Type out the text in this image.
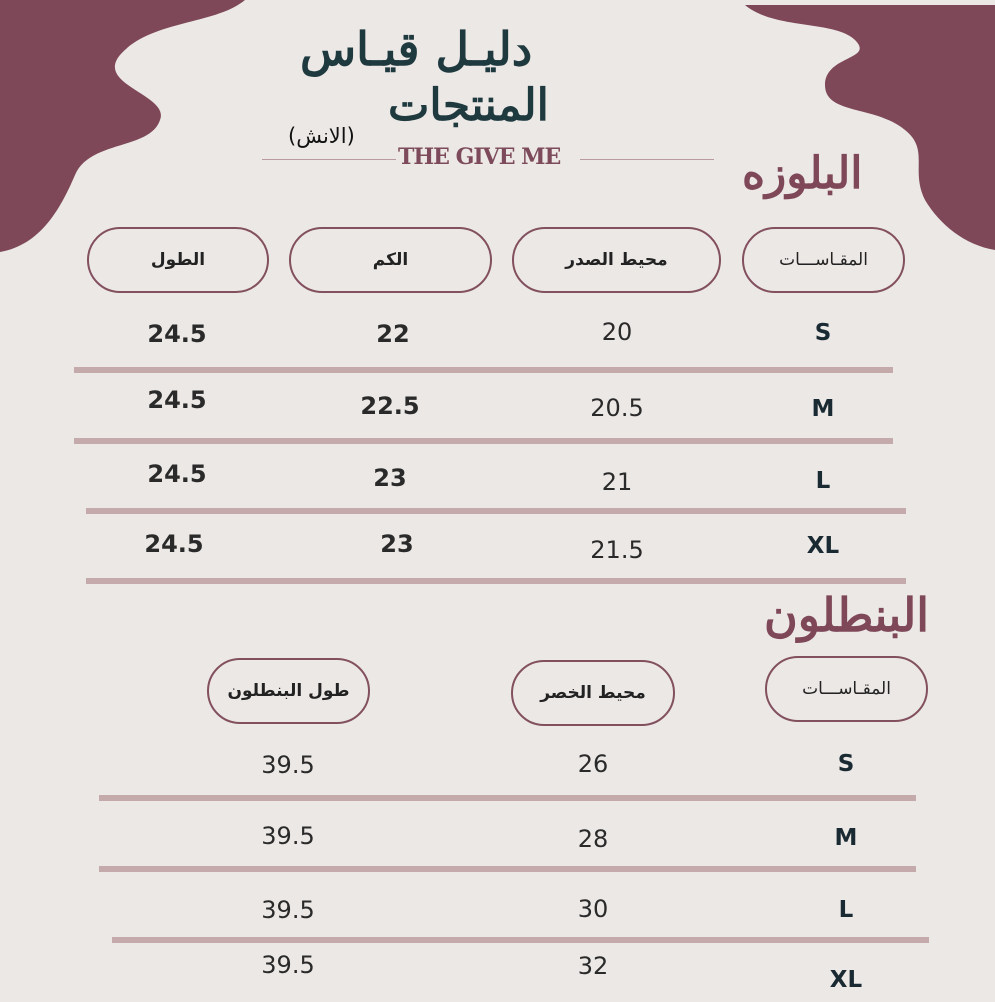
دليـل قيـاس
المنتجات
(الانش)
THE GIVE ME	البلوزه
المقـاســـات
محيط الصدر
الكم
الطول
S
20
22
24.5
M
20.5
22.5
24.5
L
21
23
24.5
XL
21.5
23
24.5
البنطلون
المقـاســـات
محيط الخصر
طول البنطلون
S
26
39.5
M
28
39.5
L
30
39.5
XL
32
39.5
